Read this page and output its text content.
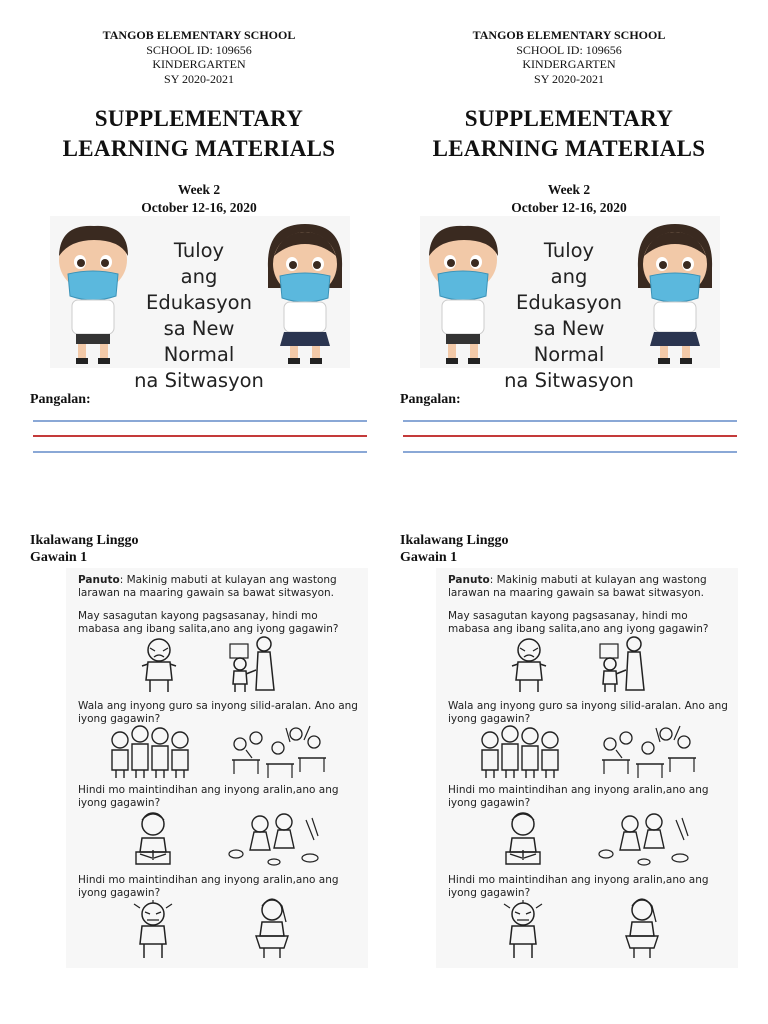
TANGOB ELEMENTARY SCHOOL
SCHOOL ID: 109656
KINDERGARTEN
SY 2020-2021
SUPPLEMENTARY
LEARNING MATERIALS
Week 2
October 12-16, 2020
Tuloy
ang Edukasyon
sa New Normal
na Sitwasyon
Pangalan:
Ikalawang Linggo
Gawain 1
Panuto: Makinig mabuti at kulayan ang wastong larawan na maaring gawain sa bawat sitwasyon.
May sasagutan kayong pagsasanay, hindi mo mabasa ang ibang salita,ano ang iyong gagawin?
Wala ang inyong guro sa inyong silid-aralan. Ano ang iyong gagawin?
Hindi mo maintindihan ang inyong aralin,ano ang iyong gagawin?
Hindi mo maintindihan ang inyong aralin,ano ang iyong gagawin?
TANGOB ELEMENTARY SCHOOL
SCHOOL ID: 109656
KINDERGARTEN
SY 2020-2021
SUPPLEMENTARY
LEARNING MATERIALS
Week 2
October 12-16, 2020
Tuloy
ang Edukasyon
sa New Normal
na Sitwasyon
Pangalan:
Ikalawang Linggo
Gawain 1
Panuto: Makinig mabuti at kulayan ang wastong larawan na maaring gawain sa bawat sitwasyon.
May sasagutan kayong pagsasanay, hindi mo mabasa ang ibang salita,ano ang iyong gagawin?
Wala ang inyong guro sa inyong silid-aralan. Ano ang iyong gagawin?
Hindi mo maintindihan ang inyong aralin,ano ang iyong gagawin?
Hindi mo maintindihan ang inyong aralin,ano ang iyong gagawin?
